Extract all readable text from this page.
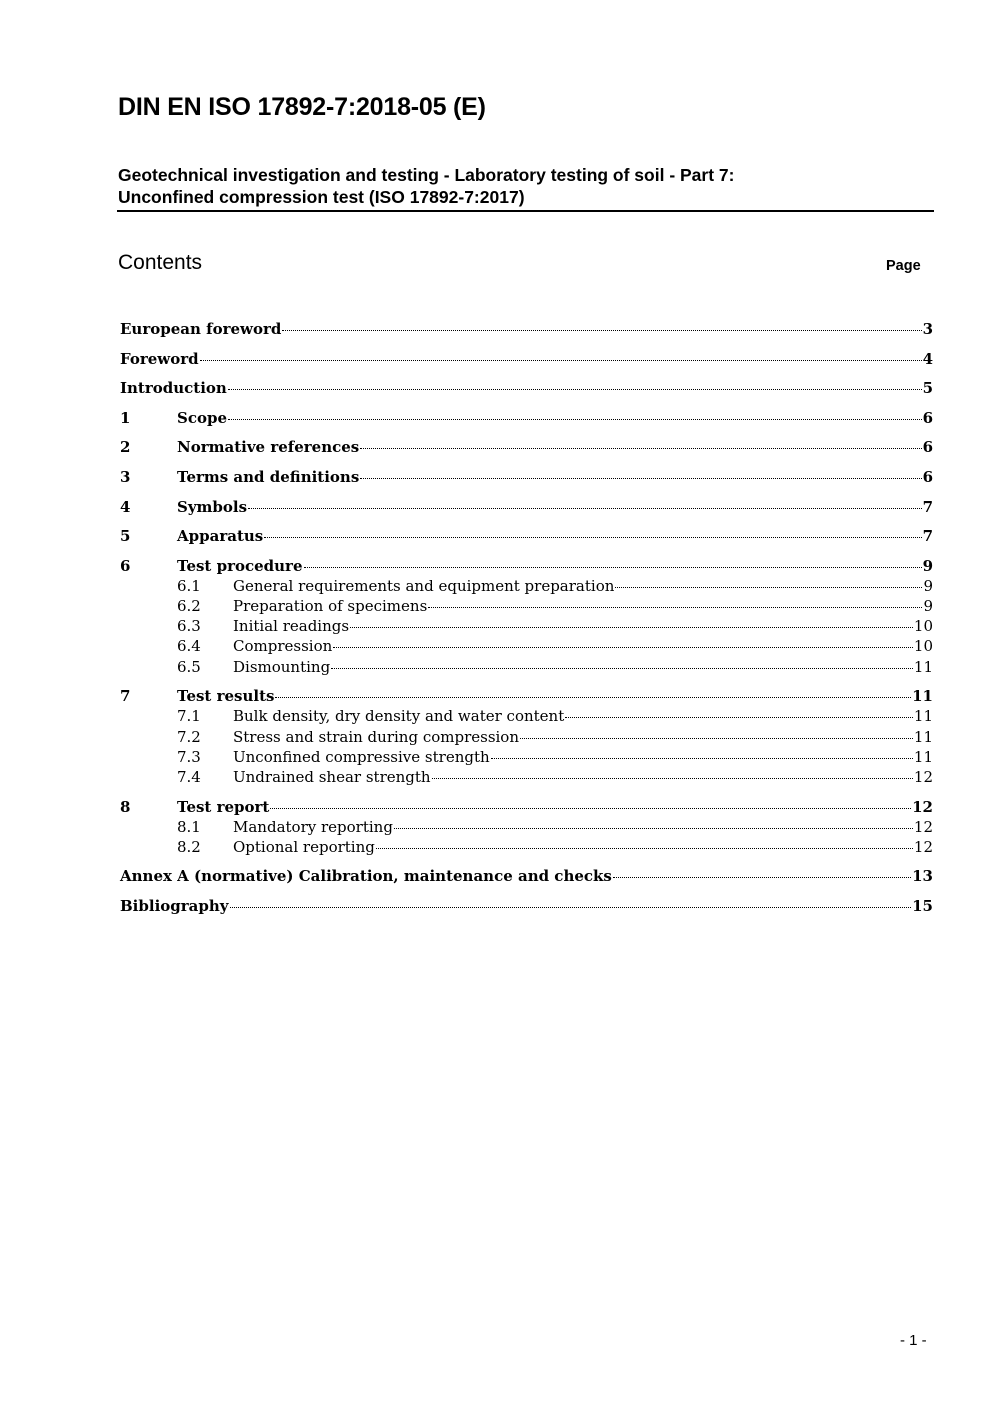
DIN EN ISO 17892-7:2018-05 (E)
Geotechnical investigation and testing - Laboratory testing of soil - Part 7:
Unconfined compression test (ISO 17892-7:2017)
Contents	Page
European foreword	3
Foreword	4
Introduction	5
1	Scope	6
2	Normative references	6
3	Terms and definitions	6
4	Symbols	7
5	Apparatus	7
6	Test procedure	9
6.1	General requirements and equipment preparation	9
6.2	Preparation of specimens	9
6.3	Initial readings	10
6.4	Compression	10
6.5	Dismounting	11
7	Test results	11
7.1	Bulk density, dry density and water content	11
7.2	Stress and strain during compression	11
7.3	Unconfined compressive strength	11
7.4	Undrained shear strength	12
8	Test report	12
8.1	Mandatory reporting	12
8.2	Optional reporting	12
Annex A (normative) Calibration, maintenance and checks	13
Bibliography	15
- 1 -
